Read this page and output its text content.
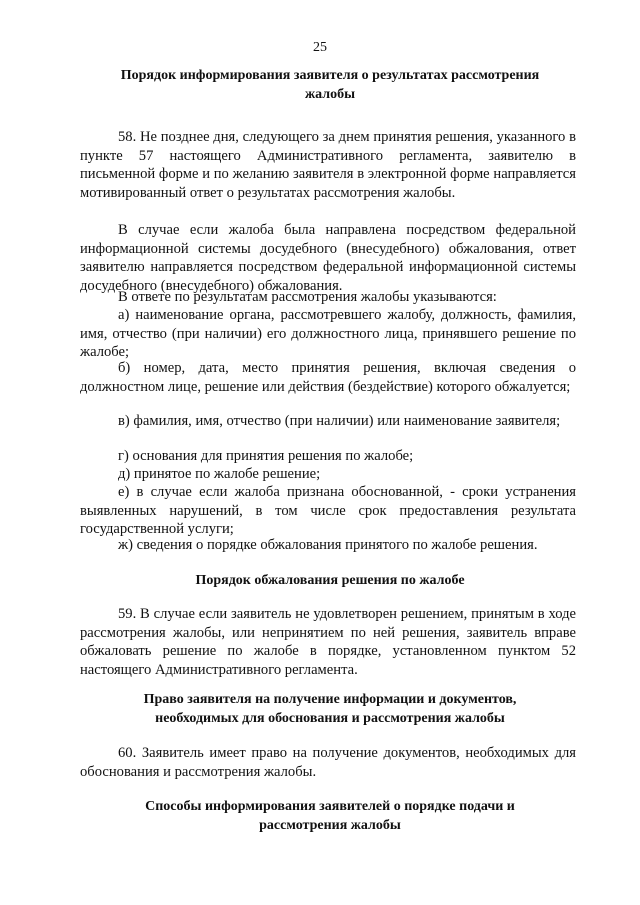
25
Порядок информирования заявителя о результатах рассмотрения
жалобы

58. Не позднее дня, следующего за днем принятия решения, указанного в пункте 57 настоящего Административного регламента, заявителю в письменной форме и по желанию заявителя в электронной форме направляется мотивированный ответ о результатах рассмотрения жалобы.

В случае если жалоба была направлена посредством федеральной информационной системы досудебного (внесудебного) обжалования, ответ заявителю направляется посредством федеральной информационной системы досудебного (внесудебного) обжалования.

В ответе по результатам рассмотрения жалобы указываются:

а) наименование органа, рассмотревшего жалобу, должность, фамилия, имя, отчество (при наличии) его должностного лица, принявшего решение по жалобе;

б) номер, дата, место принятия решения, включая сведения о должностном лице, решение или действия (бездействие) которого обжалуется;

в) фамилия, имя, отчество (при наличии) или наименование заявителя;

г) основания для принятия решения по жалобе;

д) принятое по жалобе решение;

е) в случае если жалоба признана обоснованной, - сроки устранения выявленных нарушений, в том числе срок предоставления результата государственной услуги;

ж) сведения о порядке обжалования принятого по жалобе решения.

Порядок обжалования решения по жалобе

59. В случае если заявитель не удовлетворен решением, принятым в ходе рассмотрения жалобы, или непринятием по ней решения, заявитель вправе обжаловать решение по жалобе в порядке, установленном пунктом 52 настоящего Административного регламента.

Право заявителя на получение информации и документов,
необходимых для обоснования и рассмотрения жалобы

60. Заявитель имеет право на получение документов, необходимых для обоснования и рассмотрения жалобы.

Способы информирования заявителей о порядке подачи и
рассмотрения жалобы
